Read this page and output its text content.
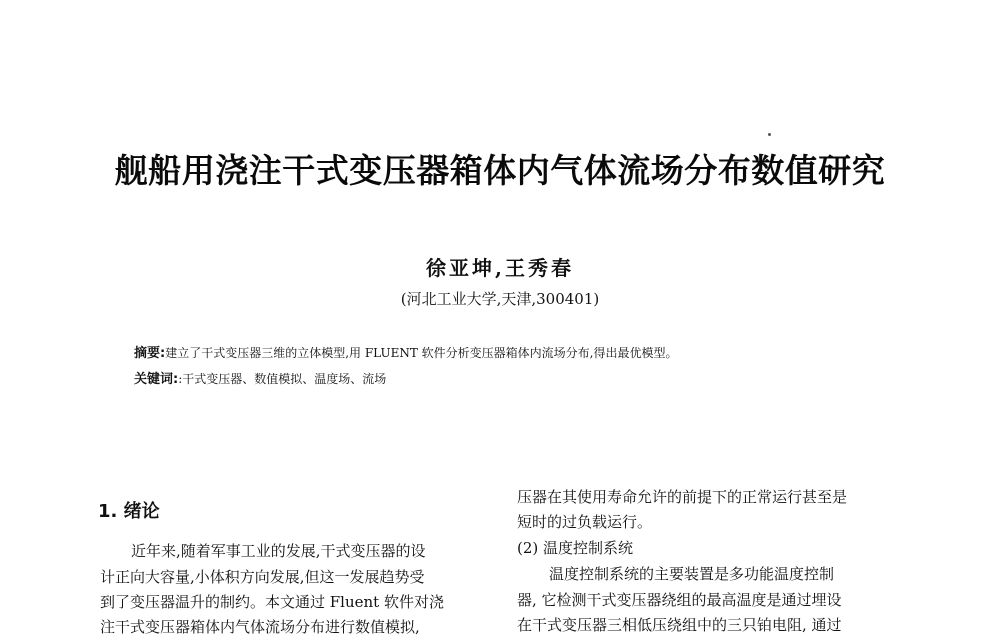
舰船用浇注干式变压器箱体内气体流场分布数值研究
徐亚坤,王秀春
(河北工业大学,天津,300401)
摘要:建立了干式变压器三维的立体模型,用 FLUENT 软件分析变压器箱体内流场分布,得出最优模型。
关键词::干式变压器、数值模拟、温度场、流场
1. 绪论
近年来,随着军事工业的发展,干式变压器的设
计正向大容量,小体积方向发展,但这一发展趋势受
到了变压器温升的制约。本文通过 Fluent 软件对浇
注干式变压器箱体内气体流场分布进行数值模拟,
压器在其使用寿命允许的前提下的正常运行甚至是
短时的过负载运行。
(2) 温度控制系统
温度控制系统的主要装置是多功能温度控制
器, 它检测干式变压器绕组的最高温度是通过埋设
在干式变压器三相低压绕组中的三只铂电阻, 通过
